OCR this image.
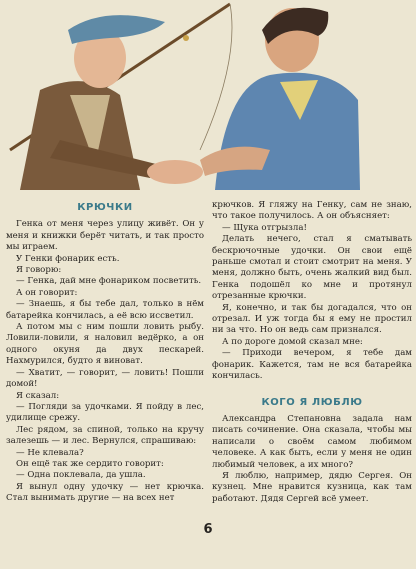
КРЮЧКИ

Генка от меня через улицу живёт. Он у меня и книжки берёт читать, и так просто мы играем.

У Генки фонарик есть.

Я говорю:

— Генка, дай мне фонариком посветить.

А он говорит:

— Знаешь, я бы тебе дал, только в нём батарейка кончилась, а её всю иссветил.

А потом мы с ним пошли ловить рыбу. Ловили-ловили, я наловил ведёрко, а он одного окуня да двух пескарей. Нахмурился, будто я виноват.

— Хватит, — говорит, — ловить! Пошли домой!

Я сказал:

— Погляди за удочками. Я пойду в лес, удилище срежу.

Лес рядом, за спиной, только на кручу залезешь — и лес. Вернулся, спрашиваю:

— Не клевала?

Он ещё так же сердито говорит:

— Одна поклевала, да ушла.

Я вынул одну удочку — нет крючка. Стал вынимать другие — на всех нет

крючков. Я гляжу на Генку, сам не знаю, что такое получилось. А он объясняет:

— Щука отгрызла!

Делать нечего, стал я сматывать бескрючочные удочки. Он свои ещё раньше смотал и стоит смотрит на меня. У меня, должно быть, очень жалкий вид был. Генка подошёл ко мне и протянул отрезанные крючки.

Я, конечно, и так бы догадался, что он отрезал. И уж тогда бы я ему не простил ни за что. Но он ведь сам признался.

А по дороге домой сказал мне:

— Приходи вечером, я тебе дам фонарик. Кажется, там не вся батарейка кончилась.

КОГО Я ЛЮБЛЮ

Александра Степановна задала нам писать сочинение. Она сказала, чтобы мы написали о своём самом любимом человеке. А как быть, если у меня не один любимый человек, а их много?

Я люблю, например, дядю Сергея. Он кузнец. Мне нравится кузница, как там работают. Дядя Сергей всё умеет.

6
